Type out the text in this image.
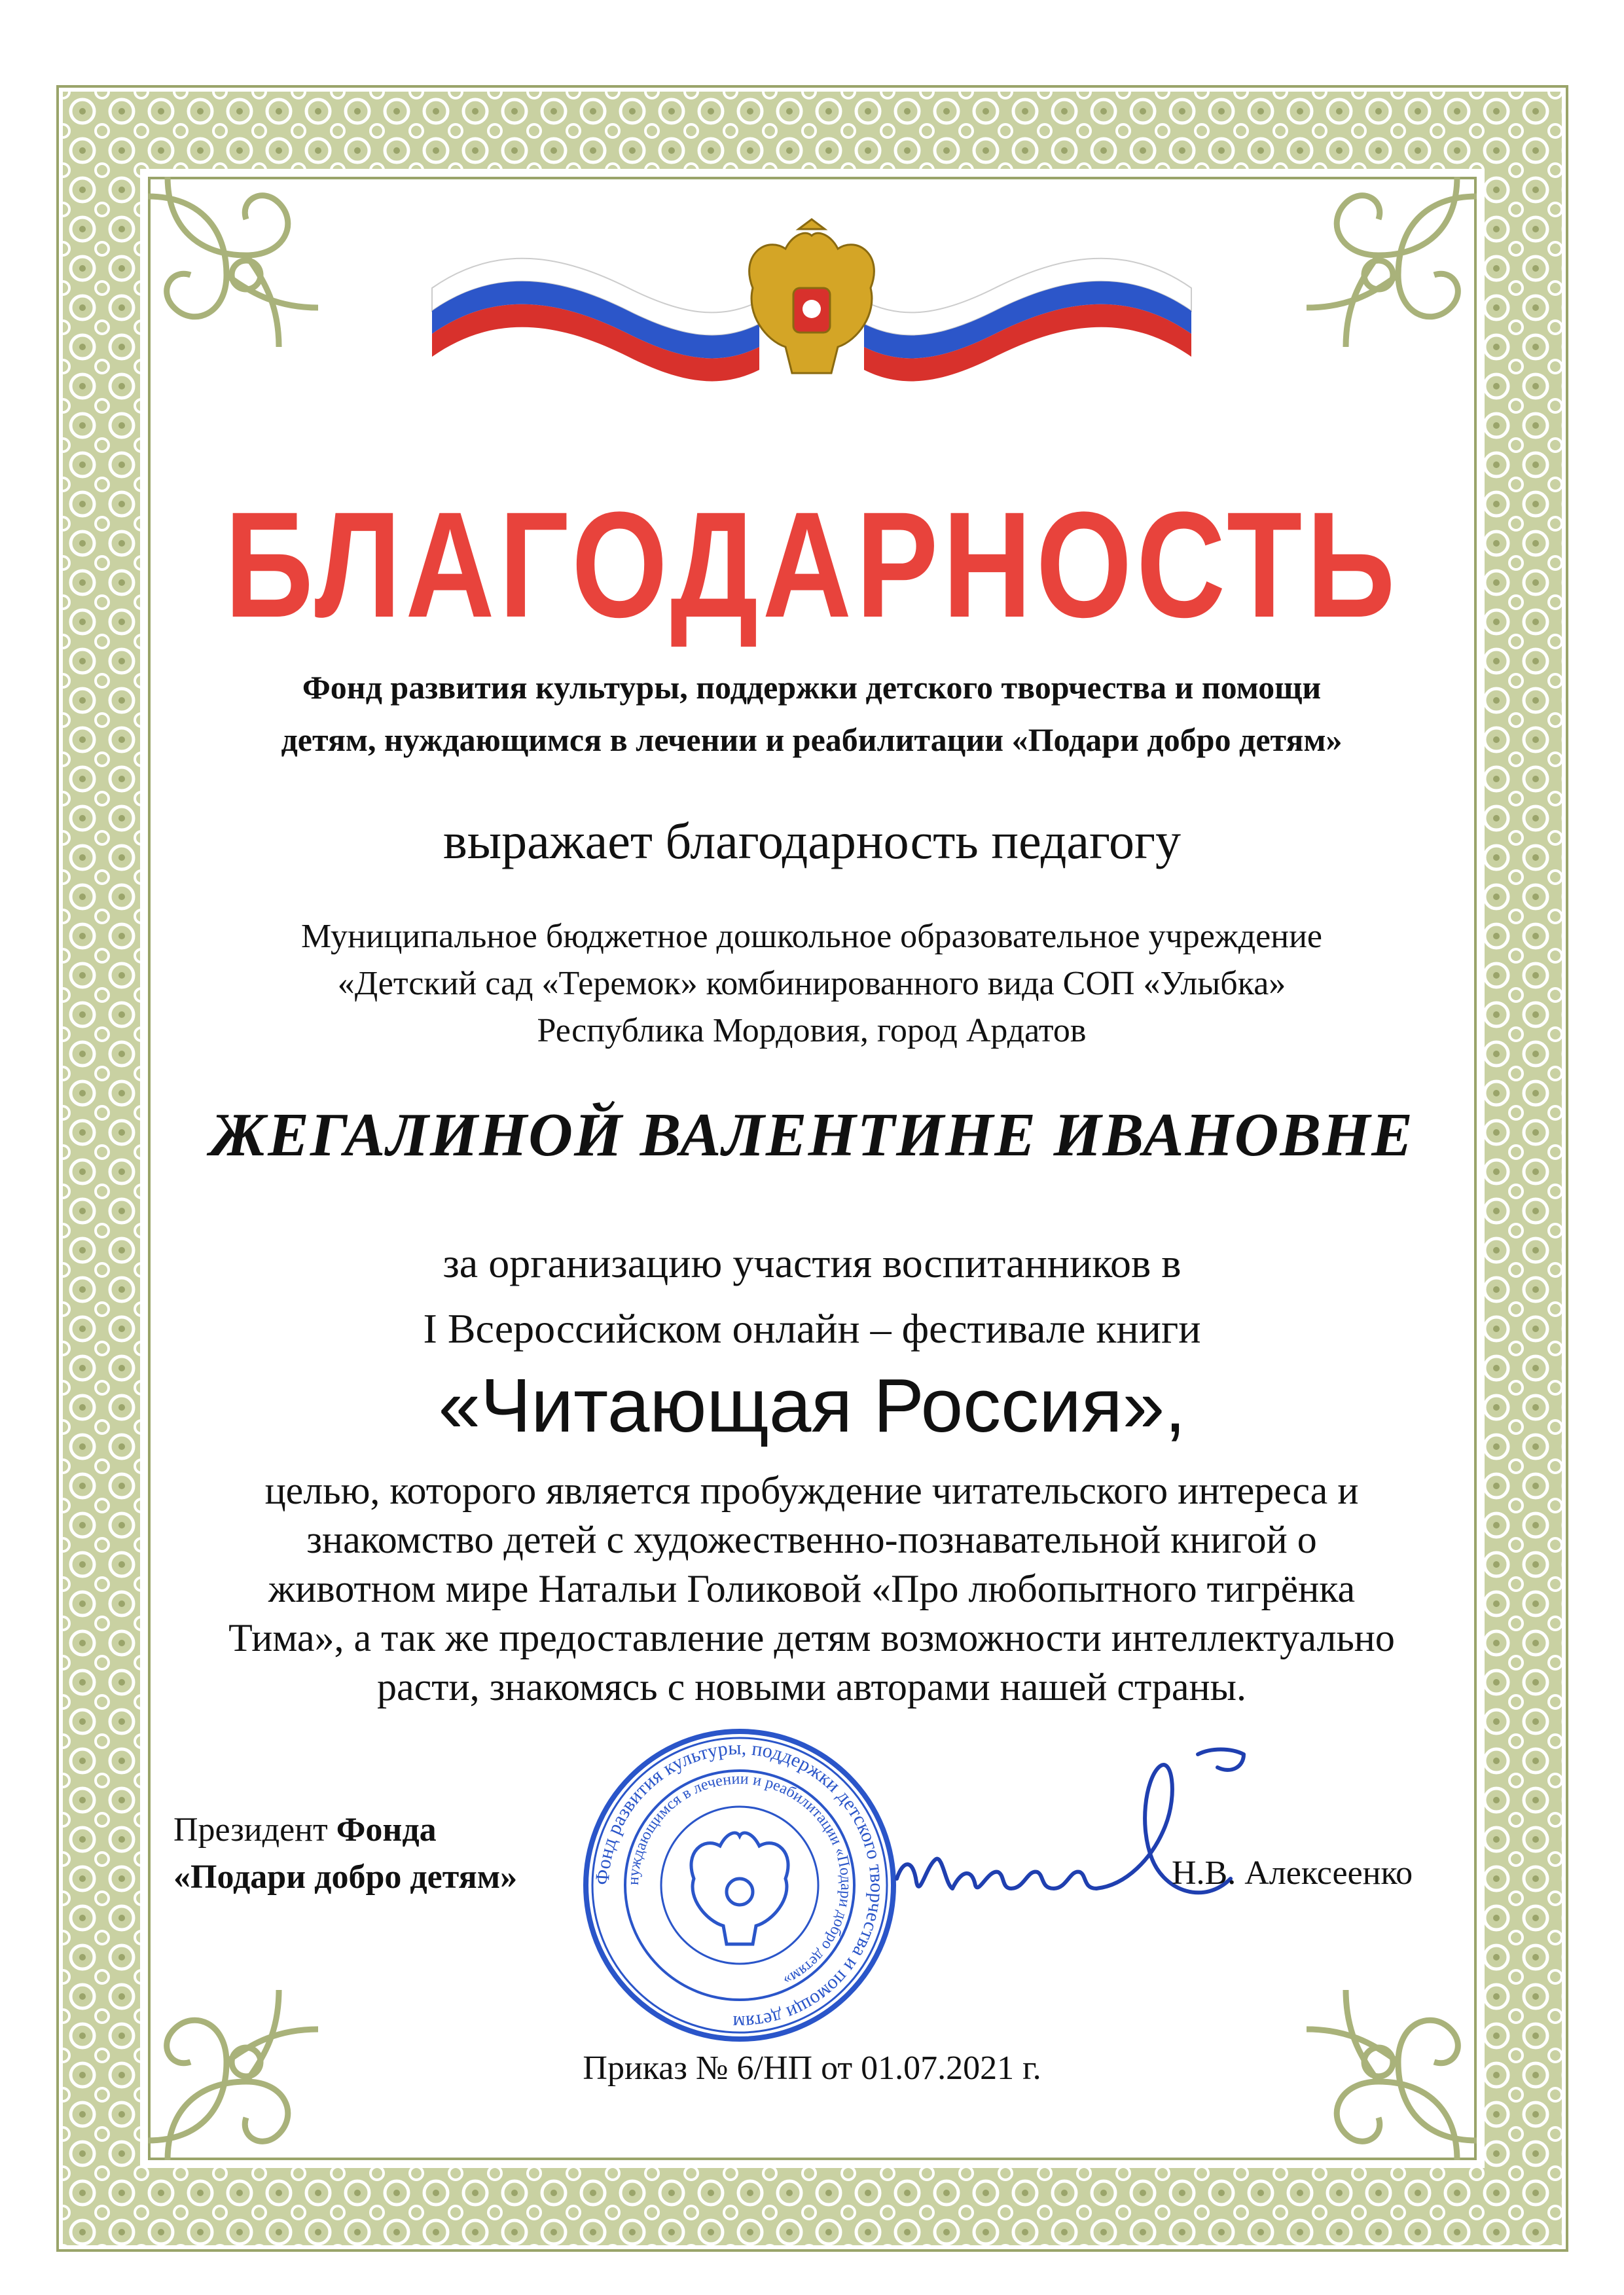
БЛАГОДАРНОСТЬ
Фонд развития культуры, поддержки детского творчества и помощи
детям, нуждающимся в лечении и реабилитации «Подари добро детям»
выражает благодарность педагогу
Муниципальное бюджетное дошкольное образовательное учреждение
«Детский сад «Теремок» комбинированного вида СОП «Улыбка»
Республика Мордовия, город Ардатов
ЖЕГАЛИНОЙ ВАЛЕНТИНЕ ИВАНОВНЕ
за организацию участия воспитанников в
I Всероссийском онлайн – фестивале книги
«Читающая Россия»,
целью, которого является пробуждение читательского интереса и
знакомство детей с художественно-познавательной книгой о
животном мире Натальи Голиковой «Про любопытного тигрёнка
Тима», а так же предоставление детям возможности интеллектуально
расти, знакомясь с новыми авторами нашей страны.
Президент Фонда
«Подари добро детям»	Фонд развития культуры, поддержки детского творчества и помощи детям
нуждающимся в лечении и реабилитации «Подари добро детям»
Н.В. Алексеенко
Приказ № 6/НП от 01.07.2021 г.
